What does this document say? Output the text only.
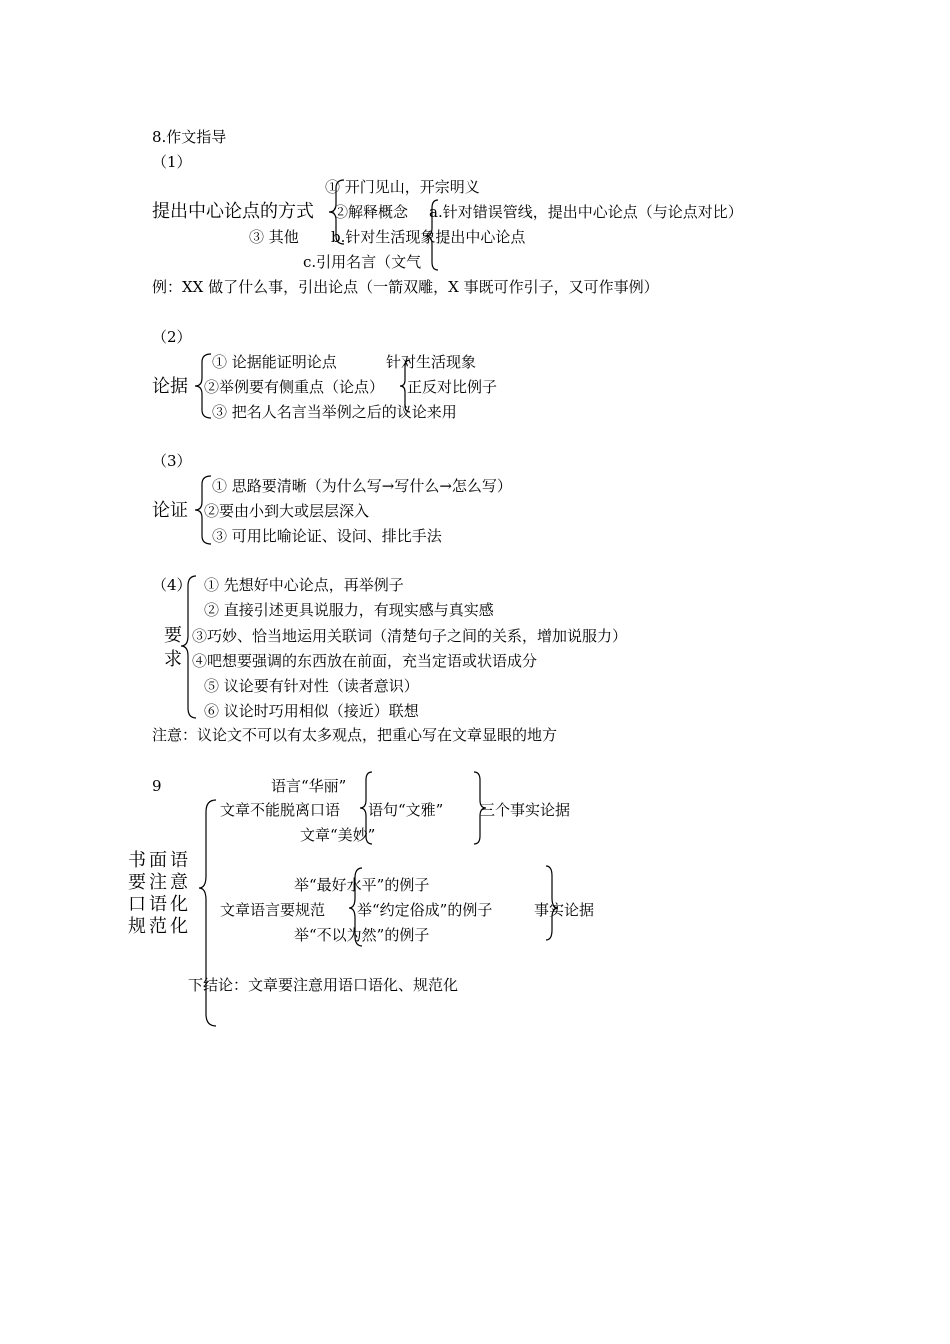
8.作文指导
（1）
① 开门见山，开宗明义
提出中心论点的方式 ②解释概念 a.针对错误管线，提出中心论点（与论点对比）
③ 其他 b.针对生活现象提出中心论点
c.引用名言（文气
例：XX 做了什么事，引出论点（一箭双雕，X 事既可作引子，又可作事例）
（2）
① 论据能证明论点	针对生活现象
论据 ②举例要有侧重点（论点） 正反对比例子
③ 把名人名言当举例之后的议论来用
（3）
① 思路要清晰（为什么写→写什么→怎么写）
论证 ②要由小到大或层层深入
③ 可用比喻论证、设问、排比手法
（4）
要求
① 先想好中心论点，再举例子
② 直接引述更具说服力，有现实感与真实感
③巧妙、恰当地运用关联词（清楚句子之间的关系，增加说服力）
④吧想要强调的东西放在前面，充当定语或状语成分
⑤ 议论要有针对性（读者意识）
⑥ 议论时巧用相似（接近）联想
注意：议论文不可以有太多观点，把重心写在文章显眼的地方
9
书面语要注意口语化规范化
语言“华丽”
文章不能脱离口语 语句“文雅” 三个事实论据
文章“美妙”
举“最好水平”的例子
文章语言要规范 举“约定俗成”的例子	事实论据
举“不以为然”的例子
下结论：文章要注意用语口语化、规范化
